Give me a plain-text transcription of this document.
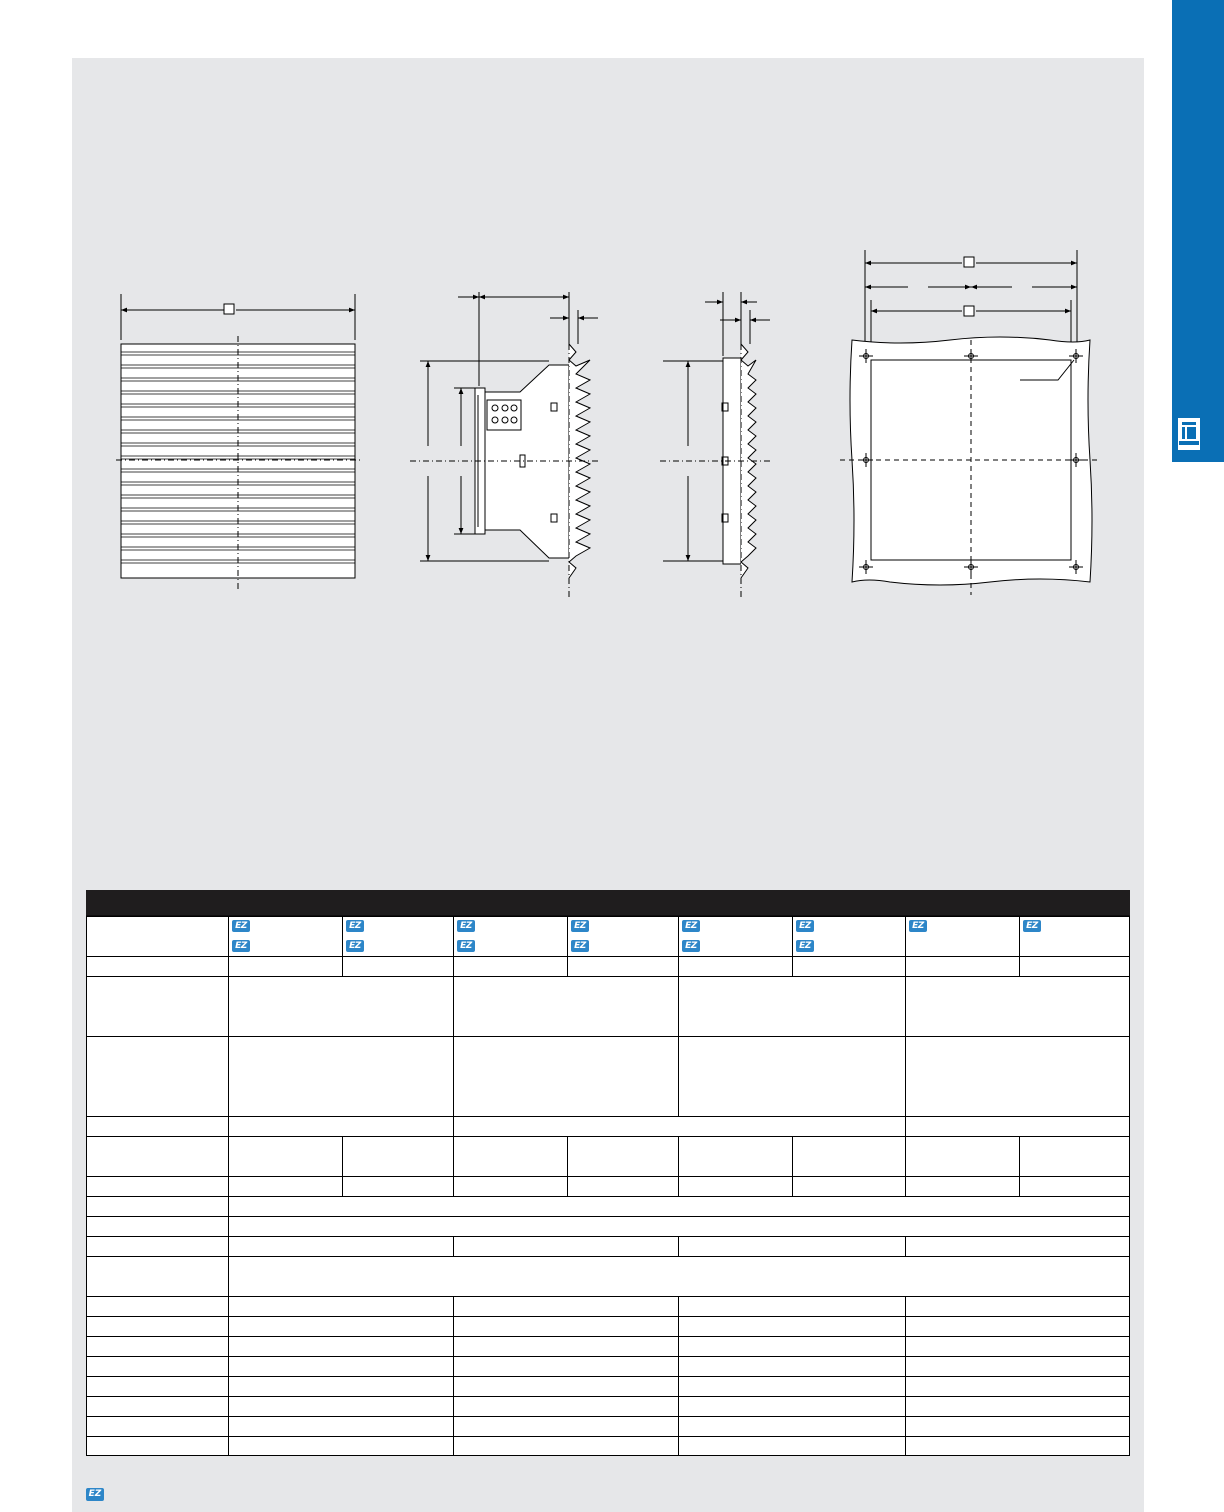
EZ
EZ
EZ
EZ
EZ
EZ
EZ
EZ
EZ
EZ
EZ
EZ
EZ	EZ
EZ
